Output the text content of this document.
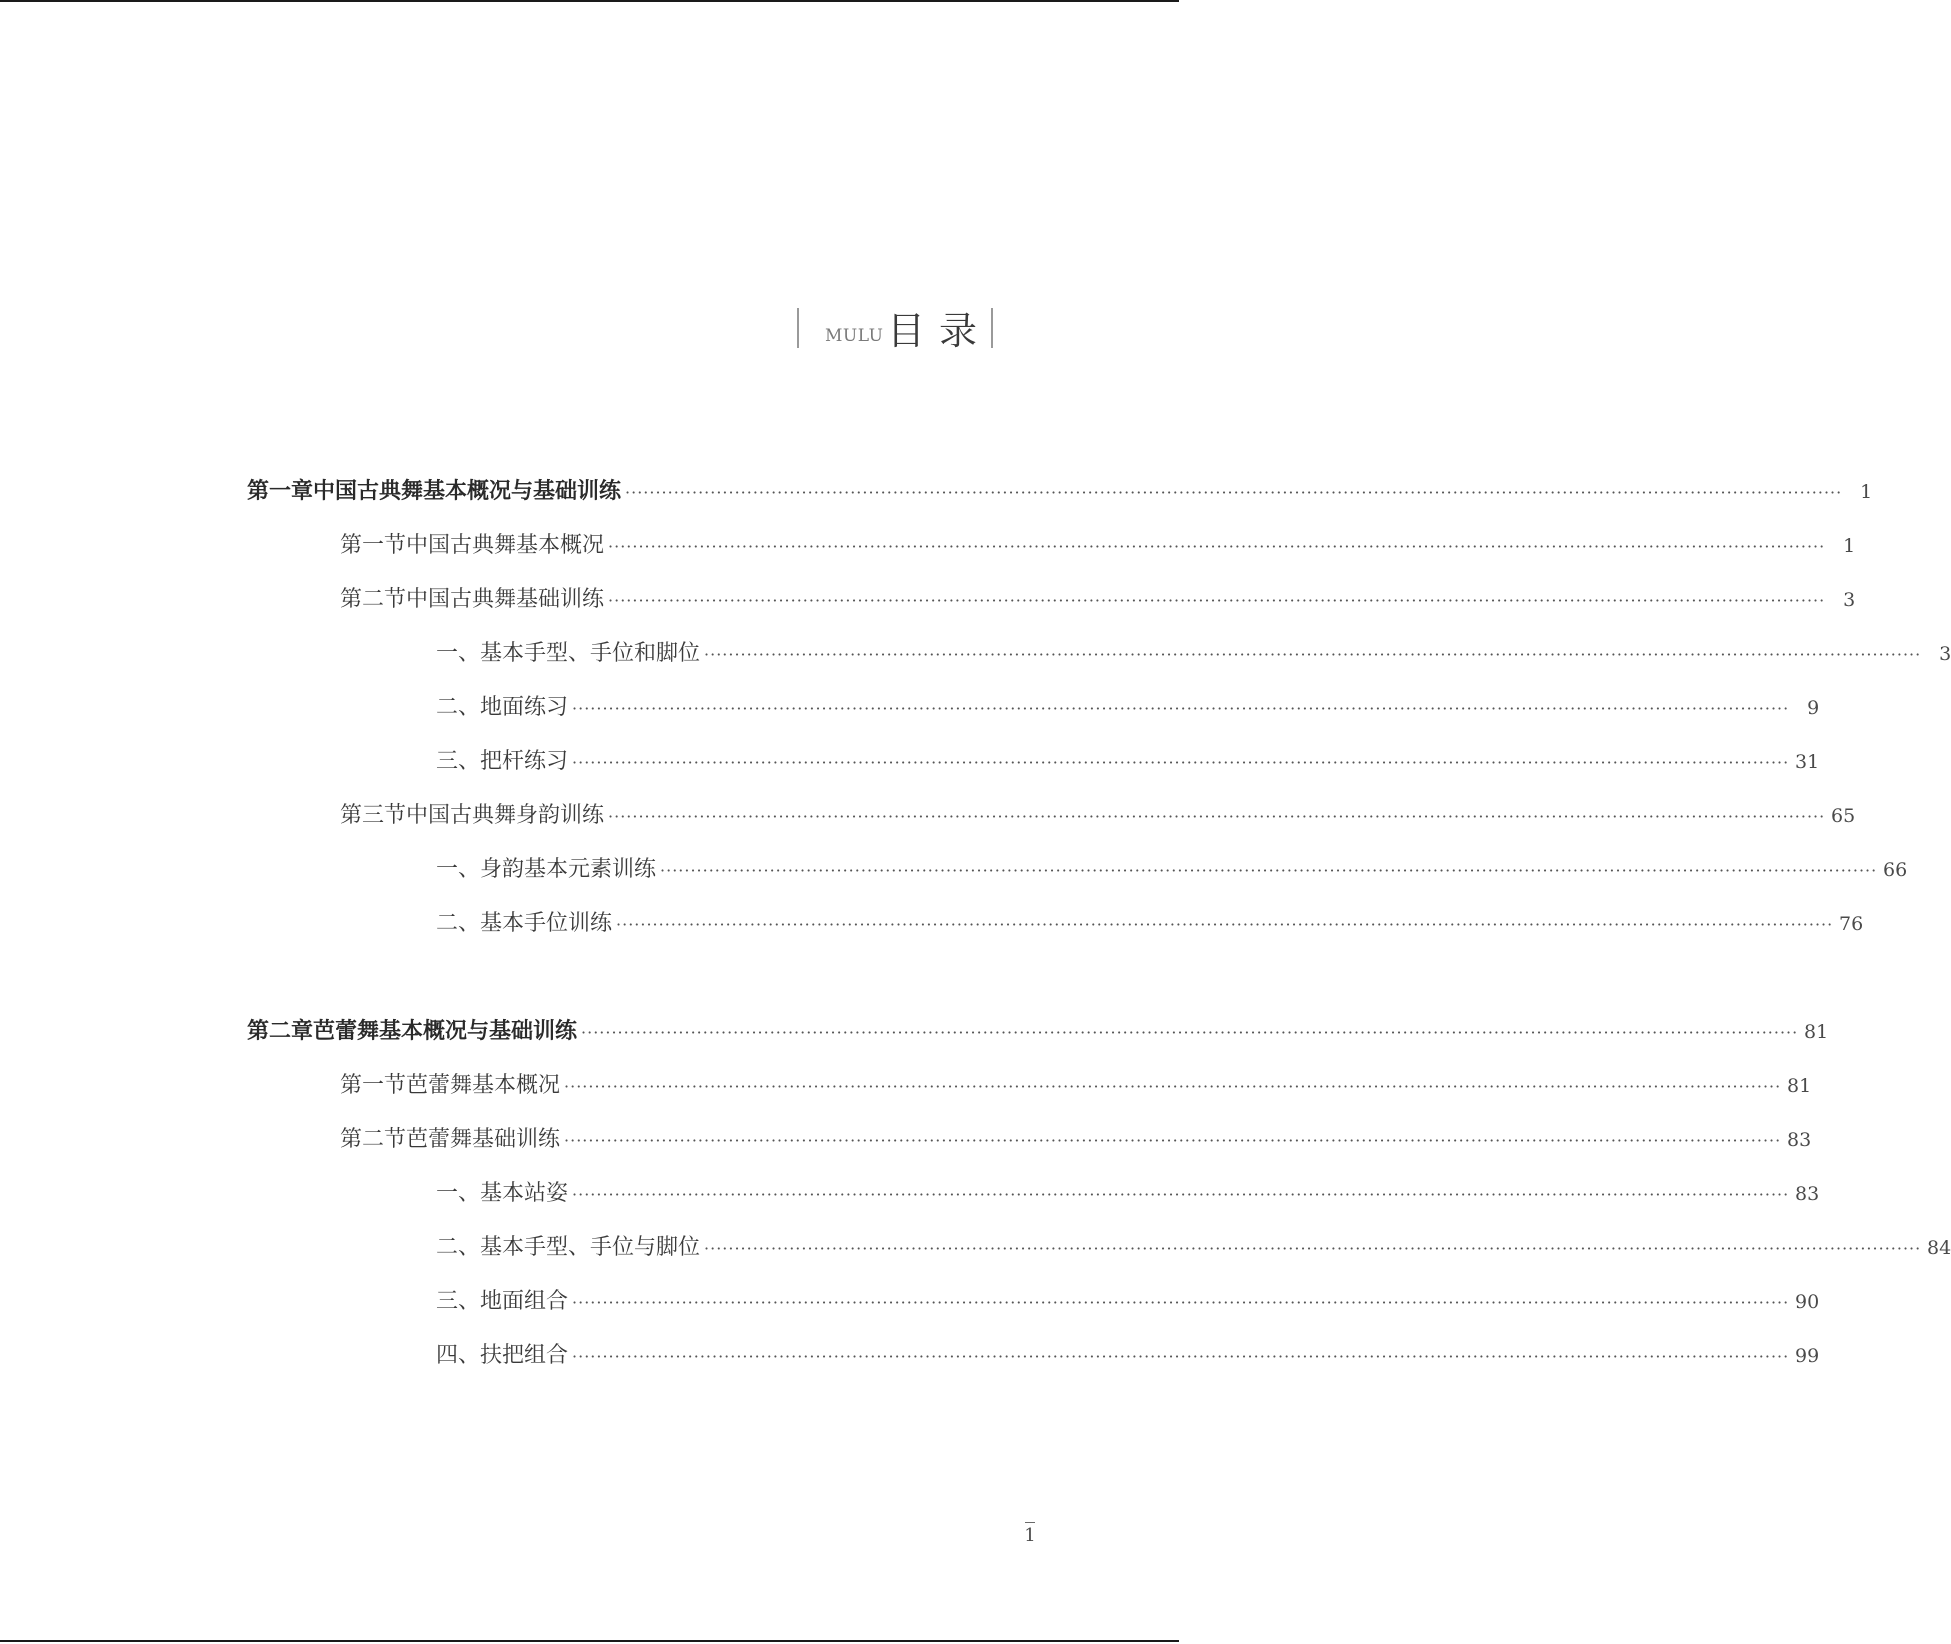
MULU 目录
第一章 中国古典舞基本概况与基础训练 ········································································································································································································ 1
第一节 中国古典舞基本概况 ········································································································································································································ 1
第二节 中国古典舞基础训练 ········································································································································································································ 3
一、基本手型、手位和脚位 ········································································································································································································ 3
二、地面练习 ········································································································································································································ 9
三、把杆练习 ········································································································································································································ 31
第三节 中国古典舞身韵训练 ········································································································································································································ 65
一、身韵基本元素训练 ········································································································································································································ 66
二、基本手位训练 ········································································································································································································ 76
第二章 芭蕾舞基本概况与基础训练 ········································································································································································································ 81
第一节 芭蕾舞基本概况 ········································································································································································································ 81
第二节 芭蕾舞基础训练 ········································································································································································································ 83
一、基本站姿 ········································································································································································································ 83
二、基本手型、手位与脚位 ········································································································································································································ 84
三、地面组合 ········································································································································································································ 90
四、扶把组合 ········································································································································································································ 99
1
